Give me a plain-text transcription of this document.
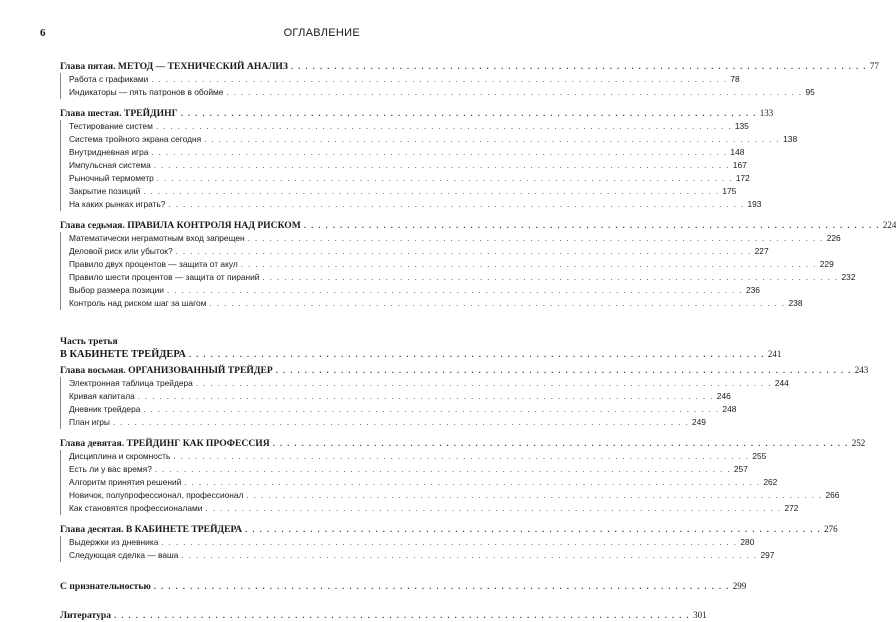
6	ОГЛАВЛЕНИЕ
Глава пятая. МЕТОД — ТЕХНИЧЕСКИЙ АНАЛИЗ . . . . . . . . . . . . . . . . . . . . . . . . . . . . . . . . . . . . . . . . . . . . . . . . . . . . . . . . . . . . . . . . . . . . . . . . . . . . . . . . 77
Работа с графиками . . . . . . . . . . . . . . . . . . . . . . . . . . . . . . . . . . . . . . . . . . . . . . . . . . . . . . . . . . . . . . . . . . . . . . . . . . . . . . . . 78
Индикаторы — пять патронов в обойме . . . . . . . . . . . . . . . . . . . . . . . . . . . . . . . . . . . . . . . . . . . . . . . . . . . . . . . . . . . . . . . . . . . . . . . . . . . . . . . . 95
Глава шестая. ТРЕЙДИНГ . . . . . . . . . . . . . . . . . . . . . . . . . . . . . . . . . . . . . . . . . . . . . . . . . . . . . . . . . . . . . . . . . . . . . . . . . . . . . . . . 133
Тестирование систем . . . . . . . . . . . . . . . . . . . . . . . . . . . . . . . . . . . . . . . . . . . . . . . . . . . . . . . . . . . . . . . . . . . . . . . . . . . . . . . . 135
Система тройного экрана сегодня . . . . . . . . . . . . . . . . . . . . . . . . . . . . . . . . . . . . . . . . . . . . . . . . . . . . . . . . . . . . . . . . . . . . . . . . . . . . . . . . 138
Внутридневная игра . . . . . . . . . . . . . . . . . . . . . . . . . . . . . . . . . . . . . . . . . . . . . . . . . . . . . . . . . . . . . . . . . . . . . . . . . . . . . . . . 148
Импульсная система . . . . . . . . . . . . . . . . . . . . . . . . . . . . . . . . . . . . . . . . . . . . . . . . . . . . . . . . . . . . . . . . . . . . . . . . . . . . . . . . 167
Рыночный термометр . . . . . . . . . . . . . . . . . . . . . . . . . . . . . . . . . . . . . . . . . . . . . . . . . . . . . . . . . . . . . . . . . . . . . . . . . . . . . . . . 172
Закрытие позиций . . . . . . . . . . . . . . . . . . . . . . . . . . . . . . . . . . . . . . . . . . . . . . . . . . . . . . . . . . . . . . . . . . . . . . . . . . . . . . . . 175
На каких рынках играть? . . . . . . . . . . . . . . . . . . . . . . . . . . . . . . . . . . . . . . . . . . . . . . . . . . . . . . . . . . . . . . . . . . . . . . . . . . . . . . . . 193
Глава седьмая. ПРАВИЛА КОНТРОЛЯ НАД РИСКОМ . . . . . . . . . . . . . . . . . . . . . . . . . . . . . . . . . . . . . . . . . . . . . . . . . . . . . . . . . . . . . . . . . . . . . . . . . . . . . . . . 224
Математически неграмотным вход запрещен . . . . . . . . . . . . . . . . . . . . . . . . . . . . . . . . . . . . . . . . . . . . . . . . . . . . . . . . . . . . . . . . . . . . . . . . . . . . . . . . 226
Деловой риск или убыток? . . . . . . . . . . . . . . . . . . . . . . . . . . . . . . . . . . . . . . . . . . . . . . . . . . . . . . . . . . . . . . . . . . . . . . . . . . . . . . . . 227
Правило двух процентов — защита от акул . . . . . . . . . . . . . . . . . . . . . . . . . . . . . . . . . . . . . . . . . . . . . . . . . . . . . . . . . . . . . . . . . . . . . . . . . . . . . . . . 229
Правило шести процентов — защита от пираний . . . . . . . . . . . . . . . . . . . . . . . . . . . . . . . . . . . . . . . . . . . . . . . . . . . . . . . . . . . . . . . . . . . . . . . . . . . . . . . . 232
Выбор размера позиции . . . . . . . . . . . . . . . . . . . . . . . . . . . . . . . . . . . . . . . . . . . . . . . . . . . . . . . . . . . . . . . . . . . . . . . . . . . . . . . . 236
Контроль над риском шаг за шагом . . . . . . . . . . . . . . . . . . . . . . . . . . . . . . . . . . . . . . . . . . . . . . . . . . . . . . . . . . . . . . . . . . . . . . . . . . . . . . . . 238
Часть третья
В КАБИНЕТЕ ТРЕЙДЕРА . . . . . . . . . . . . . . . . . . . . . . . . . . . . . . . . . . . . . . . . . . . . . . . . . . . . . . . . . . . . . . . . . . . . . . . . . . . . . . . . 241
Глава восьмая. ОРГАНИЗОВАННЫЙ ТРЕЙДЕР . . . . . . . . . . . . . . . . . . . . . . . . . . . . . . . . . . . . . . . . . . . . . . . . . . . . . . . . . . . . . . . . . . . . . . . . . . . . . . . . 243
Электронная таблица трейдера . . . . . . . . . . . . . . . . . . . . . . . . . . . . . . . . . . . . . . . . . . . . . . . . . . . . . . . . . . . . . . . . . . . . . . . . . . . . . . . . 244
Кривая капитала . . . . . . . . . . . . . . . . . . . . . . . . . . . . . . . . . . . . . . . . . . . . . . . . . . . . . . . . . . . . . . . . . . . . . . . . . . . . . . . . 246
Дневник трейдера . . . . . . . . . . . . . . . . . . . . . . . . . . . . . . . . . . . . . . . . . . . . . . . . . . . . . . . . . . . . . . . . . . . . . . . . . . . . . . . . 248
План игры . . . . . . . . . . . . . . . . . . . . . . . . . . . . . . . . . . . . . . . . . . . . . . . . . . . . . . . . . . . . . . . . . . . . . . . . . . . . . . . . 249
Глава девятая. ТРЕЙДИНГ КАК ПРОФЕССИЯ . . . . . . . . . . . . . . . . . . . . . . . . . . . . . . . . . . . . . . . . . . . . . . . . . . . . . . . . . . . . . . . . . . . . . . . . . . . . . . . . 252
Дисциплина и скромность . . . . . . . . . . . . . . . . . . . . . . . . . . . . . . . . . . . . . . . . . . . . . . . . . . . . . . . . . . . . . . . . . . . . . . . . . . . . . . . . 255
Есть ли у вас время? . . . . . . . . . . . . . . . . . . . . . . . . . . . . . . . . . . . . . . . . . . . . . . . . . . . . . . . . . . . . . . . . . . . . . . . . . . . . . . . . 257
Алгоритм принятия решений . . . . . . . . . . . . . . . . . . . . . . . . . . . . . . . . . . . . . . . . . . . . . . . . . . . . . . . . . . . . . . . . . . . . . . . . . . . . . . . . 262
Новичок, полупрофессионал, профессионал . . . . . . . . . . . . . . . . . . . . . . . . . . . . . . . . . . . . . . . . . . . . . . . . . . . . . . . . . . . . . . . . . . . . . . . . . . . . . . . . 266
Как становятся профессионалами . . . . . . . . . . . . . . . . . . . . . . . . . . . . . . . . . . . . . . . . . . . . . . . . . . . . . . . . . . . . . . . . . . . . . . . . . . . . . . . . 272
Глава десятая. В КАБИНЕТЕ ТРЕЙДЕРА . . . . . . . . . . . . . . . . . . . . . . . . . . . . . . . . . . . . . . . . . . . . . . . . . . . . . . . . . . . . . . . . . . . . . . . . . . . . . . . . 276
Выдержки из дневника . . . . . . . . . . . . . . . . . . . . . . . . . . . . . . . . . . . . . . . . . . . . . . . . . . . . . . . . . . . . . . . . . . . . . . . . . . . . . . . . 280
Следующая сделка — ваша . . . . . . . . . . . . . . . . . . . . . . . . . . . . . . . . . . . . . . . . . . . . . . . . . . . . . . . . . . . . . . . . . . . . . . . . . . . . . . . . 297
С признательностью . . . . . . . . . . . . . . . . . . . . . . . . . . . . . . . . . . . . . . . . . . . . . . . . . . . . . . . . . . . . . . . . . . . . . . . . . . . . . . . . 299
Литература . . . . . . . . . . . . . . . . . . . . . . . . . . . . . . . . . . . . . . . . . . . . . . . . . . . . . . . . . . . . . . . . . . . . . . . . . . . . . . . . 301
